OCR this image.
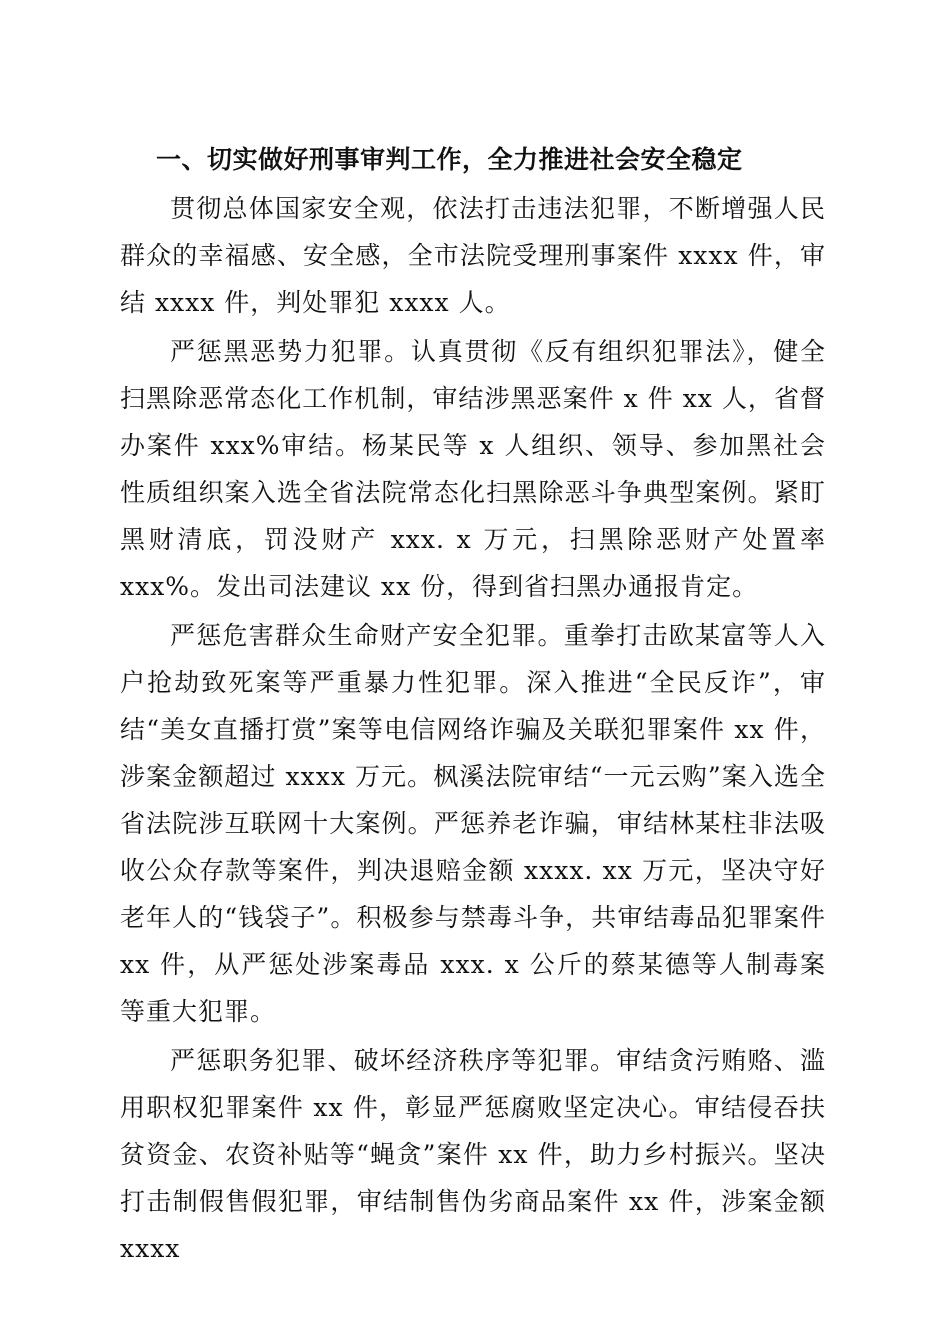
一、切实做好刑事审判工作，全力推进社会安全稳定

贯彻总体国家安全观，依法打击违法犯罪，不断增强人民群众的幸福感、安全感，全市法院受理刑事案件 xxxx 件，审结 xxxx 件，判处罪犯 xxxx 人。

严惩黑恶势力犯罪。认真贯彻《反有组织犯罪法》，健全扫黑除恶常态化工作机制，审结涉黑恶案件 x 件 xx 人，省督办案件 xxx%审结。杨某民等 x 人组织、领导、参加黑社会性质组织案入选全省法院常态化扫黑除恶斗争典型案例。紧盯黑财清底，罚没财产 xxx. x 万元，扫黑除恶财产处置率 xxx%。发出司法建议 xx 份，得到省扫黑办通报肯定。

严惩危害群众生命财产安全犯罪。重拳打击欧某富等人入户抢劫致死案等严重暴力性犯罪。深入推进“全民反诈”，审结“美女直播打赏”案等电信网络诈骗及关联犯罪案件 xx 件，涉案金额超过 xxxx 万元。枫溪法院审结“一元云购”案入选全省法院涉互联网十大案例。严惩养老诈骗，审结林某柱非法吸收公众存款等案件，判决退赔金额 xxxx. xx 万元，坚决守好老年人的“钱袋子”。积极参与禁毒斗争，共审结毒品犯罪案件 xx 件，从严惩处涉案毒品 xxx. x 公斤的蔡某德等人制毒案等重大犯罪。

严惩职务犯罪、破坏经济秩序等犯罪。审结贪污贿赂、滥用职权犯罪案件 xx 件，彰显严惩腐败坚定决心。审结侵吞扶贫资金、农资补贴等“蝇贪”案件 xx 件，助力乡村振兴。坚决打击制假售假犯罪，审结制售伪劣商品案件 xx 件，涉案金额 xxxx
